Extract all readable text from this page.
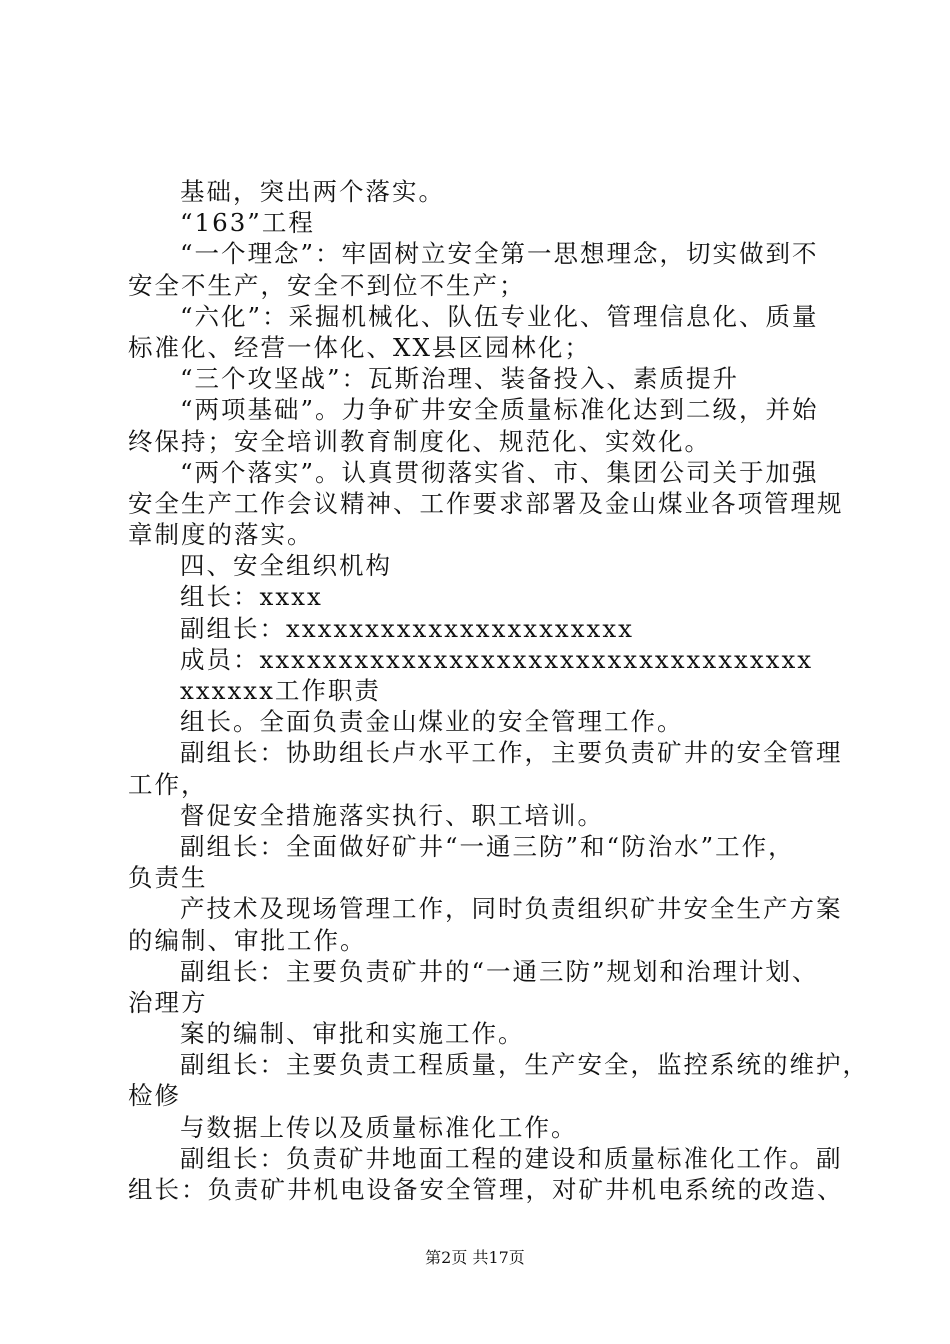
基础，突出两个落实。
“163”工程
“一个理念”：牢固树立安全第一思想理念，切实做到不
安全不生产，安全不到位不生产；
“六化”：采掘机械化、队伍专业化、管理信息化、质量
标准化、经营一体化、XX县区园林化；
“三个攻坚战”：瓦斯治理、装备投入、素质提升
“两项基础”。力争矿井安全质量标准化达到二级，并始
终保持；安全培训教育制度化、规范化、实效化。
“两个落实”。认真贯彻落实省、市、集团公司关于加强
安全生产工作会议精神、工作要求部署及金山煤业各项管理规
章制度的落实。
四、安全组织机构
组长：xxxx
副组长：xxxxxxxxxxxxxxxxxxxxxx
成员：xxxxxxxxxxxxxxxxxxxxxxxxxxxxxxxxxxx
xxxxxx工作职责
组长。全面负责金山煤业的安全管理工作。
副组长：协助组长卢水平工作，主要负责矿井的安全管理
工作，
督促安全措施落实执行、职工培训。
副组长：全面做好矿井“一通三防”和“防治水”工作，
负责生
产技术及现场管理工作，同时负责组织矿井安全生产方案
的编制、审批工作。
副组长：主要负责矿井的“一通三防”规划和治理计划、
治理方
案的编制、审批和实施工作。
副组长：主要负责工程质量，生产安全，监控系统的维护，
检修
与数据上传以及质量标准化工作。
副组长：负责矿井地面工程的建设和质量标准化工作。副
组长：负责矿井机电设备安全管理，对矿井机电系统的改造、
第2页 共17页
